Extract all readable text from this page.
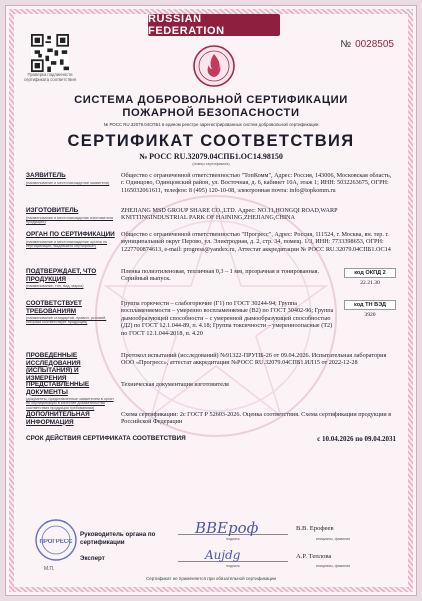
RUSSIAN FEDERATION
Проверка подлинности сертификата соответствия
№ 0028505
СИСТЕМА ДОБРОВОЛЬНОЙ СЕРТИФИКАЦИИ
ПОЖАРНОЙ БЕЗОПАСНОСТИ
№ РОСС RU.32079.04СПБ1 в едином реестре зарегистрированных систем добровольной сертификации
СЕРТИФИКАТ СООТВЕТСТВИЯ
№ РОСС RU.32079.04СПБ1.ОС14.98150
(номер сертификата)
ЗАЯВИТЕЛЬ
(наименование и местонахождение заявителя)
Общество с ограниченной ответственностью "ТопКомм", Адрес: Россия, 143006, Московская область, г. Одинцово, Одинцовский район, ул. Восточная, д. 6, кабинет 10А, этаж 1; ИНН: 5032263675, ОГРН: 1165032061611, телефон: 8 (495) 120-10-08, электронная почта: info@topkomm.ru
ИЗГОТОВИТЕЛЬ
(наименование и местонахождение изготовителя продукции)
ZHEJIANG MSD GROUP SHARE CO.,LTD. Адрес: NO.11,HONGQI ROAD,WARP KNITTINGINDUSTRIAL PARK OF HAINING,ZHEJIANG,CHINA
ОРГАН ПО СЕРТИФИКАЦИИ
(наименование и местонахождение органа по сертификации, выдавшего сертификат)
Общество с ограниченной ответственностью "Прогресс", Адрес: Россия, 111524, г. Москва, вн. тер. г. муниципальный округ Перово, ул. Электродная, д. 2, стр. 34, помещ. 1/3, ИНН: 7733398653, ОГРН: 1227700874613, e-mail: progress@yandex.ru, Аттестат аккредитации № РОСС RU.32079.04СПБ1.ОС14
ПОДТВЕРЖДАЕТ, ЧТО ПРОДУКЦИЯ
(наименование, тип, вид, марка)
Пленка полиэтиленовая, тепличная 0,3 – 1 мм, прозрачная и тонированная. Серийный выпуск.
код ОКПД 2
22.21.30
СООТВЕТСТВУЕТ ТРЕБОВАНИЯМ
(наименование стандартов, правил, условий, которым соответствует продукция)
Группа горючести – слабогорючие (Г1) по ГОСТ 30244-94; Группа воспламеняемости – умеренно воспламеняемые (В2) по ГОСТ 30402-96; Группа дымообразующей способности – с умеренной дымообразующей способностью (Д2) по ГОСТ 12.1.044-89, п. 4.18; Группа токсичности – умеренноопасные (Т2) по ГОСТ 12.1.044-2018, п. 4.20
код ТН ВЭД
3920
ПРОВЕДЕННЫЕ ИССЛЕДОВАНИЯ (ИСПЫТАНИЯ) И ИЗМЕРЕНИЯ
Протокол испытаний (исследований) №91322-ПРУПБ-26 от 09.04.2026. Испытательная лаборатория ООО «Прогресс», аттестат аккредитации №РОСС RU.32079.04СПБ1.ИЛ15 от 2022-12-28
ПРЕДСТАВЛЕННЫЕ ДОКУМЕНТЫ
(документы, представленные заявителем в орган по сертификации в качестве доказательства соответствия продукции требованиям)
Техническая документация изготовителя
ДОПОЛНИТЕЛЬНАЯ ИНФОРМАЦИЯ
Схема сертификации: 2с ГОСТ Р 52603-2026. Оценка соответствия. Схема сертификации продукции в Российской Федерации
СРОК ДЕЙСТВИЯ СЕРТИФИКАТА СООТВЕТСТВИЯ	с 10.04.2026 по 09.04.2031
ПРОГРЕСС
М.П.
Руководитель органа по сертификации
ВВЕроф
подпись
В.В. Ерофеев
инициалы, фамилия
Эксперт	Aujdg
подпись
А.Р. Теплова
инициалы, фамилия
Сертификат не применяется при обязательной сертификации
